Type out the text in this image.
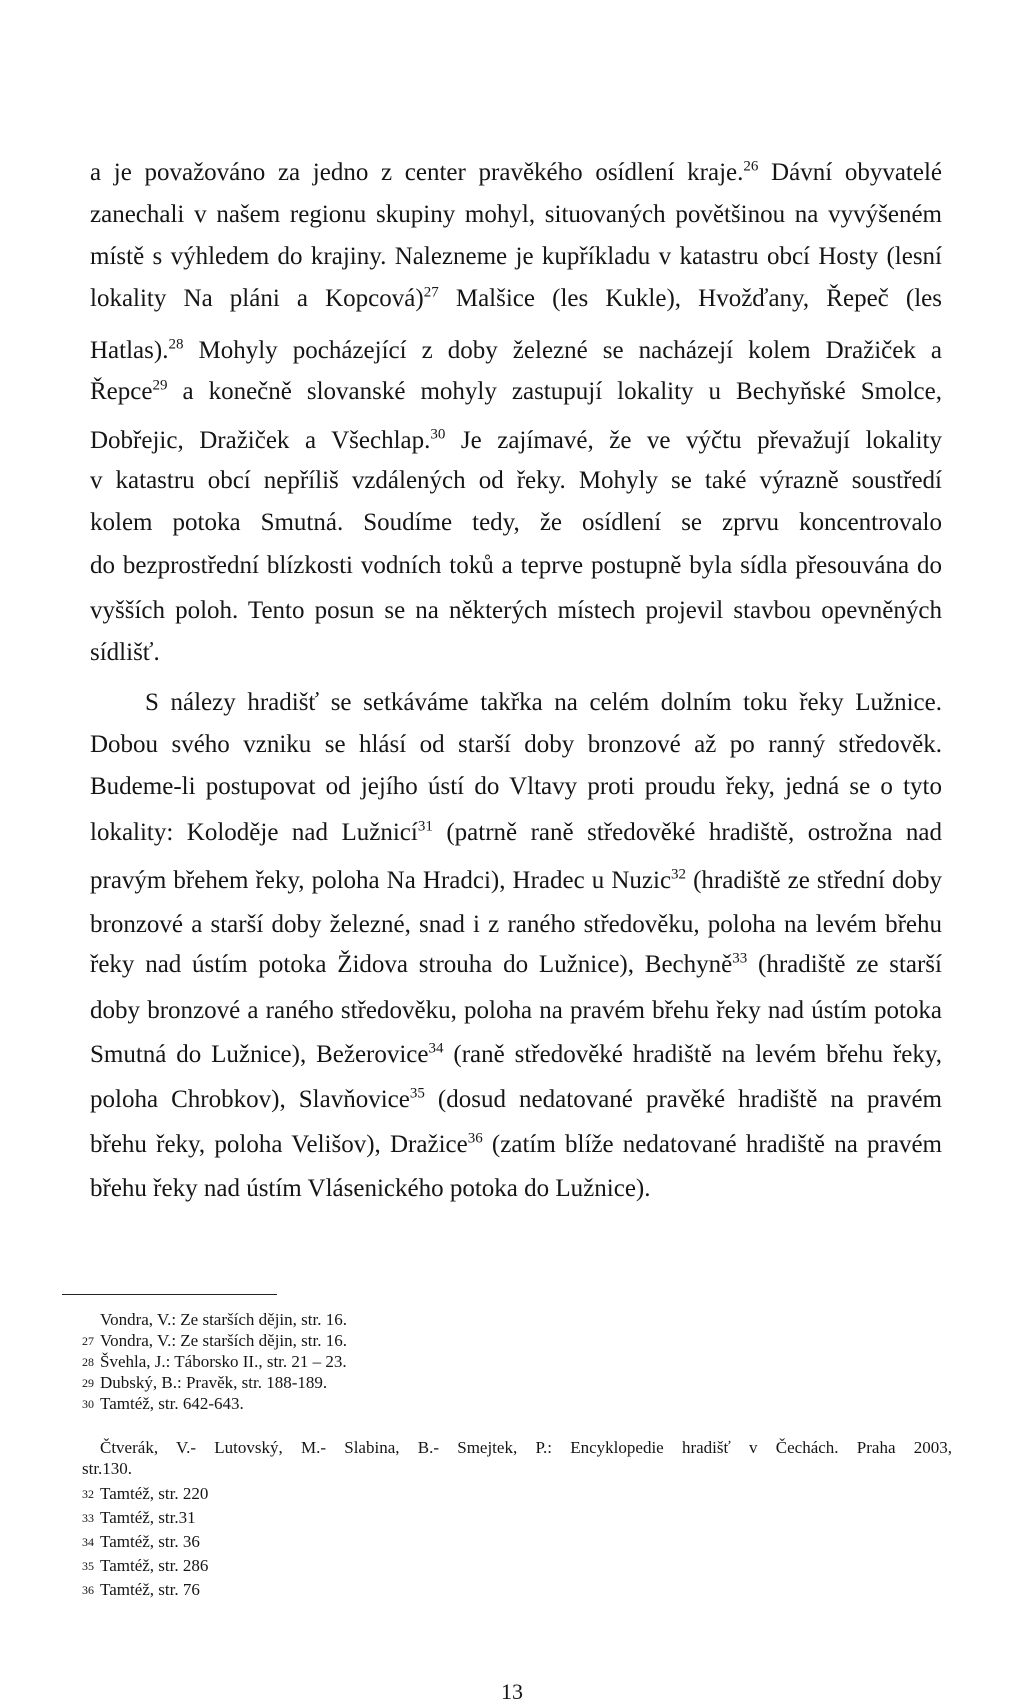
a je považováno za jedno z center pravěkého osídlení kraje.$^{26}$ Dávní obyvatelé
zanechali v našem regionu skupiny mohyl, situovaných povětšinou na vyvýšeném
místě s výhledem do krajiny. Nalezneme je kupříkladu v katastru obcí Hosty (lesní
lokality Na pláni a Kopcová)$^{27}$ Malšice (les Kukle), Hvožďany, Řepeč (les
Hatlas).$^{28}$ Mohyly pocházející z doby železné se nacházejí kolem Dražiček a
Řepce$^{29}$ a konečně slovanské mohyly zastupují lokality u Bechyňské Smolce,
Dobřejic, Dražiček a Všechlap.$^{30}$ Je zajímavé, že ve výčtu převažují lokality
v katastru obcí nepříliš vzdálených od řeky. Mohyly se také výrazně soustředí
kolem potoka Smutná. Soudíme tedy, že osídlení se zprvu koncentrovalo
do bezprostřední blízkosti vodních toků a teprve postupně byla sídla přesouvána do
vyšších poloh. Tento posun se na některých místech projevil stavbou opevněných
sídlišť.
S nálezy hradišť se setkáváme takřka na celém dolním toku řeky Lužnice.
Dobou svého vzniku se hlásí od starší doby bronzové až po ranný středověk.
Budeme-li postupovat od jejího ústí do Vltavy proti proudu řeky, jedná se o tyto
lokality: Koloděje nad Lužnicí$^{31}$ (patrně raně středověké hradiště, ostrožna nad
pravým břehem řeky, poloha Na Hradci), Hradec u Nuzic$^{32}$ (hradiště ze střední doby
bronzové a starší doby železné, snad i z raného středověku, poloha na levém břehu
řeky nad ústím potoka Židova strouha do Lužnice), Bechyně$^{33}$ (hradiště ze starší
doby bronzové a raného středověku, poloha na pravém břehu řeky nad ústím potoka
Smutná do Lužnice), Bežerovice$^{34}$ (raně středověké hradiště na levém břehu řeky,
poloha Chrobkov), Slavňovice$^{35}$ (dosud nedatované pravěké hradiště na pravém
břehu řeky, poloha Velišov), Dražice$^{36}$ (zatím blíže nedatované hradiště na pravém
břehu řeky nad ústím Vlásenického potoka do Lužnice).
Vondra, V.: Ze starších dějin, str. 16.
27 Vondra, V.: Ze starších dějin, str. 16.
28 Švehla, J.: Táborsko II., str. 21 – 23.
29 Dubský, B.: Pravěk, str. 188-189.
30 Tamtéž, str. 642-643.
Čtverák, V.- Lutovský, M.- Slabina, B.- Smejtek, P.: Encyklopedie hradišť v Čechách. Praha 2003,
str.130.
32 Tamtéž, str. 220
33 Tamtéž, str.31
34 Tamtéž, str. 36
35 Tamtéž, str. 286
36 Tamtéž, str. 76
13
